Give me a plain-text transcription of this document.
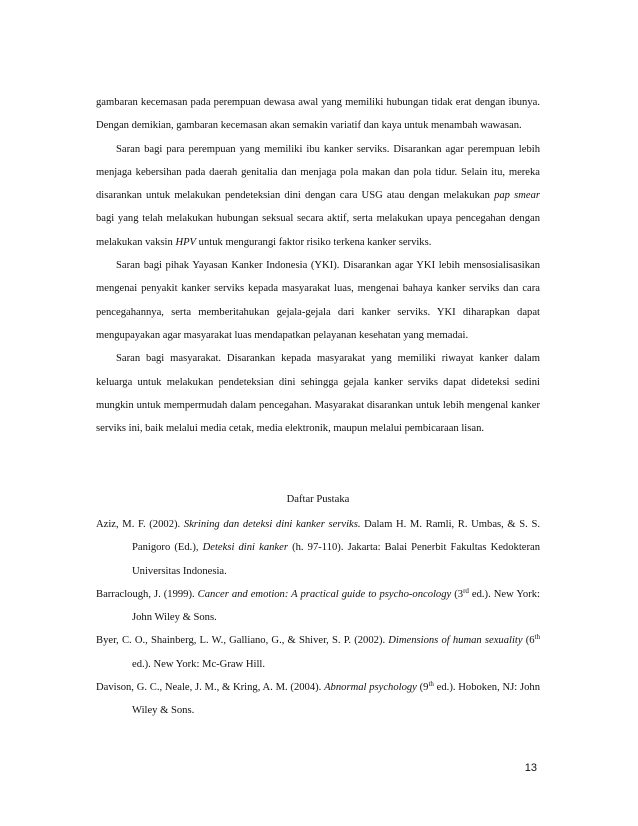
gambaran kecemasan pada perempuan dewasa awal yang memiliki hubungan tidak erat dengan ibunya. Dengan demikian, gambaran kecemasan akan semakin variatif dan kaya untuk menambah wawasan.

Saran bagi para perempuan yang memiliki ibu kanker serviks. Disarankan agar perempuan lebih menjaga kebersihan pada daerah genitalia dan menjaga pola makan dan pola tidur. Selain itu, mereka disarankan untuk melakukan pendeteksian dini dengan cara USG atau dengan melakukan pap smear bagi yang telah melakukan hubungan seksual secara aktif, serta melakukan upaya pencegahan dengan melakukan vaksin HPV untuk mengurangi faktor risiko terkena kanker serviks.

Saran bagi pihak Yayasan Kanker Indonesia (YKI). Disarankan agar YKI lebih mensosialisasikan mengenai penyakit kanker serviks kepada masyarakat luas, mengenai bahaya kanker serviks dan cara pencegahannya, serta memberitahukan gejala-gejala dari kanker serviks. YKI diharapkan dapat mengupayakan agar masyarakat luas mendapatkan pelayanan kesehatan yang memadai.

Saran bagi masyarakat. Disarankan kepada masyarakat yang memiliki riwayat kanker dalam keluarga untuk melakukan pendeteksian dini sehingga gejala kanker serviks dapat dideteksi sedini mungkin untuk mempermudah dalam pencegahan. Masyarakat disarankan untuk lebih mengenal kanker serviks ini, baik melalui media cetak, media elektronik, maupun melalui pembicaraan lisan.

Daftar Pustaka

Aziz, M. F. (2002). Skrining dan deteksi dini kanker serviks. Dalam H. M. Ramli, R. Umbas, & S. S. Panigoro (Ed.), Deteksi dini kanker (h. 97-110). Jakarta: Balai Penerbit Fakultas Kedokteran Universitas Indonesia.

Barraclough, J. (1999). Cancer and emotion: A practical guide to psycho-oncology (3rd ed.). New York: John Wiley & Sons.

Byer, C. O., Shainberg, L. W., Galliano, G., & Shiver, S. P. (2002). Dimensions of human sexuality (6th ed.). New York: Mc-Graw Hill.

Davison, G. C., Neale, J. M., & Kring, A. M. (2004). Abnormal psychology (9th ed.). Hoboken, NJ: John Wiley & Sons.

13
